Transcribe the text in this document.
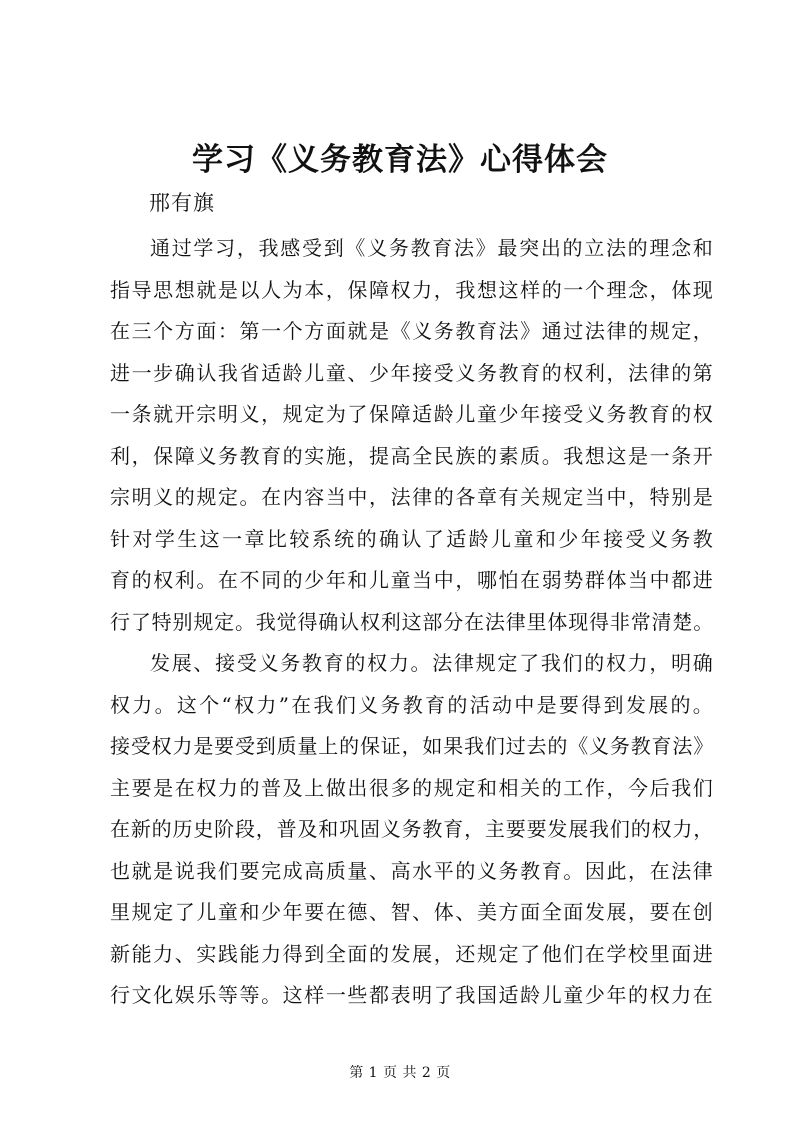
学习《义务教育法》心得体会
邢有旗
通过学习，我感受到《义务教育法》最突出的立法的理念和
指导思想就是以人为本，保障权力，我想这样的一个理念，体现
在三个方面：第一个方面就是《义务教育法》通过法律的规定，
进一步确认我省适龄儿童、少年接受义务教育的权利，法律的第
一条就开宗明义，规定为了保障适龄儿童少年接受义务教育的权
利，保障义务教育的实施，提高全民族的素质。我想这是一条开
宗明义的规定。在内容当中，法律的各章有关规定当中，特别是
针对学生这一章比较系统的确认了适龄儿童和少年接受义务教
育的权利。在不同的少年和儿童当中，哪怕在弱势群体当中都进
行了特别规定。我觉得确认权利这部分在法律里体现得非常清楚。
发展、接受义务教育的权力。法律规定了我们的权力，明确
权力。这个“权力”在我们义务教育的活动中是要得到发展的。
接受权力是要受到质量上的保证，如果我们过去的《义务教育法》
主要是在权力的普及上做出很多的规定和相关的工作，今后我们
在新的历史阶段，普及和巩固义务教育，主要要发展我们的权力，
也就是说我们要完成高质量、高水平的义务教育。因此，在法律
里规定了儿童和少年要在德、智、体、美方面全面发展，要在创
新能力、实践能力得到全面的发展，还规定了他们在学校里面进
行文化娱乐等等。这样一些都表明了我国适龄儿童少年的权力在
第 1 页 共 2 页
